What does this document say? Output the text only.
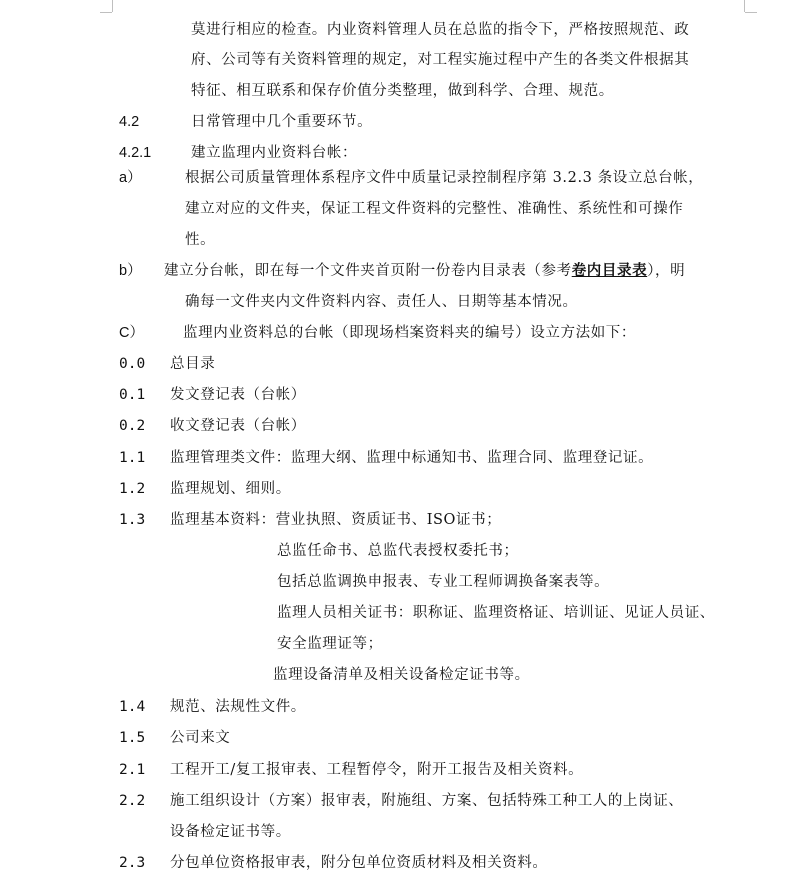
莫进行相应的检查。内业资料管理人员在总监的指令下，严格按照规范、政
府、公司等有关资料管理的规定，对工程实施过程中产生的各类文件根据其
特征、相互联系和保存价值分类整理，做到科学、合理、规范。
4.2	日常管理中几个重要环节。
4.2.1	建立监理内业资料台帐：
a）	根据公司质量管理体系程序文件中质量记录控制程序第 3.2.3 条设立总台帐，
建立对应的文件夹，保证工程文件资料的完整性、准确性、系统性和可操作
性。
b） 建立分台帐，即在每一个文件夹首页附一份卷内目录表（参考卷内目录表），明
确每一文件夹内文件资料内容、责任人、日期等基本情况。
C）	监理内业资料总的台帐（即现场档案资料夹的编号）设立方法如下：
0.0 总目录
0.1 发文登记表（台帐）
0.2 收文登记表（台帐）
1.1 监理管理类文件：监理大纲、监理中标通知书、监理合同、监理登记证。
1.2 监理规划、细则。
1.3 监理基本资料：营业执照、资质证书、ISO证书；
总监任命书、总监代表授权委托书；
包括总监调换申报表、专业工程师调换备案表等。
监理人员相关证书：职称证、监理资格证、培训证、见证人员证、
安全监理证等；
监理设备清单及相关设备检定证书等。
1.4 规范、法规性文件。
1.5 公司来文
2.1 工程开工/复工报审表、工程暂停令，附开工报告及相关资料。
2.2 施工组织设计（方案）报审表，附施组、方案、包括特殊工种工人的上岗证、
设备检定证书等。
2.3 分包单位资格报审表，附分包单位资质材料及相关资料。
